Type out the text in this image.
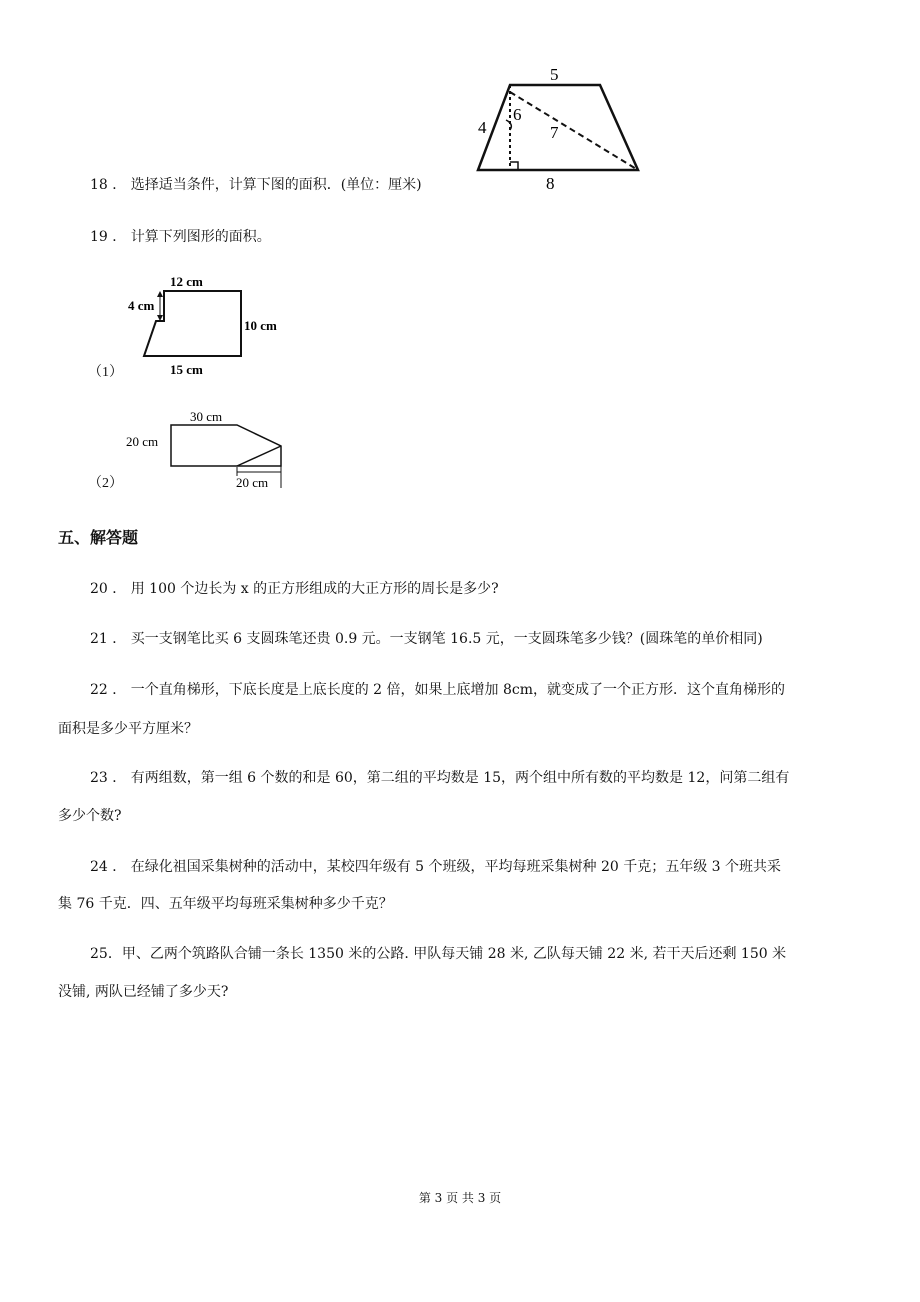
5
4
6
7
8
18 ． 选择适当条件，计算下图的面积．(单位：厘米)
19 ． 计算下列图形的面积。
12 cm
4 cm
10 cm
15 cm
（1）
30 cm
20 cm
20 cm
（2）
五、解答题
20 ． 用 100 个边长为 x 的正方形组成的大正方形的周长是多少?
21 ． 买一支钢笔比买 6 支圆珠笔还贵 0.9 元。一支钢笔 16.5 元，一支圆珠笔多少钱？(圆珠笔的单价相同)
22 ． 一个直角梯形，下底长度是上底长度的 2 倍，如果上底增加 8cm，就变成了一个正方形．这个直角梯形的
面积是多少平方厘米？
23 ． 有两组数，第一组 6 个数的和是 60，第二组的平均数是 15，两个组中所有数的平均数是 12，问第二组有
多少个数?
24 ． 在绿化祖国采集树种的活动中，某校四年级有 5 个班级，平均每班采集树种 20 千克；五年级 3 个班共采
集 76 千克．四、五年级平均每班采集树种多少千克？
25．甲、乙两个筑路队合铺一条长 1350 米的公路. 甲队每天铺 28 米, 乙队每天铺 22 米, 若干天后还剩 150 米
没铺, 两队已经铺了多少天?
第 3 页 共 3 页
